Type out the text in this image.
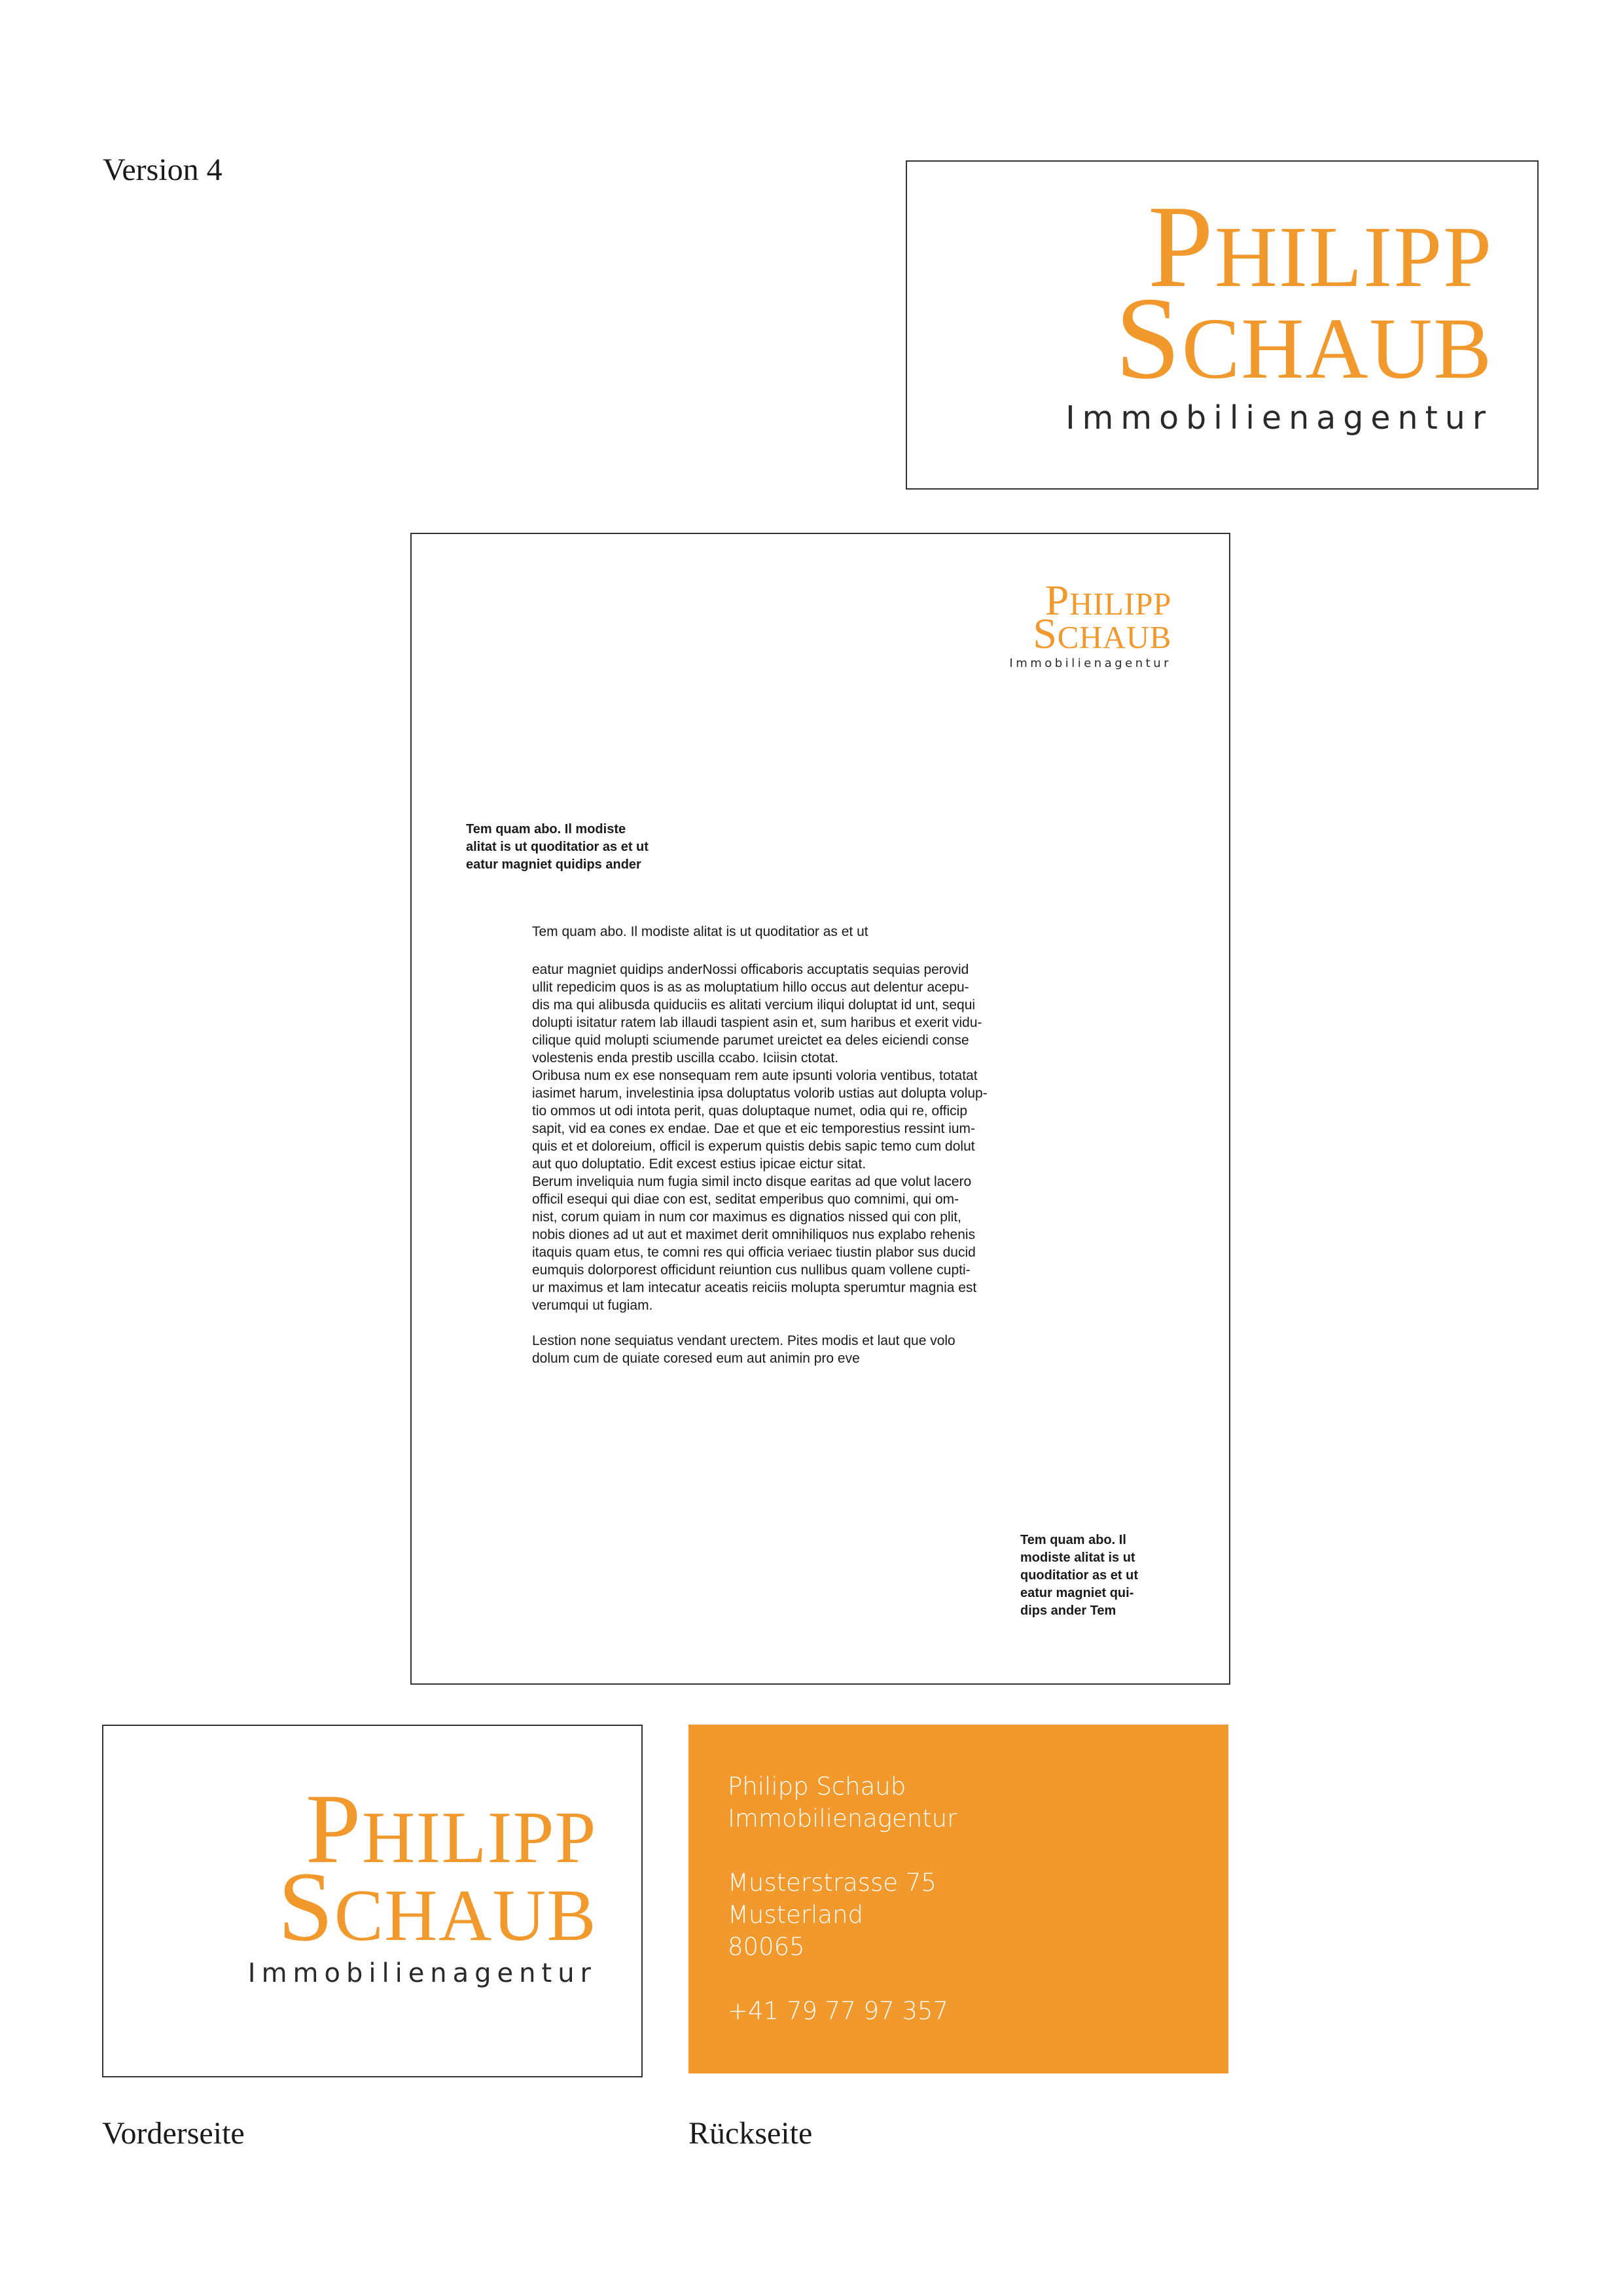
Version 4
PHILIPP
SCHAUB
Immobilienagentur
PHILIPP
SCHAUB
Immobilienagentur
Tem quam abo. Il modiste
alitat is ut quoditatior as et ut
eatur magniet quidips ander
Tem quam abo. Il modiste alitat is ut quoditatior as et ut
eatur magniet quidips anderNossi officaboris accuptatis sequias perovid
ullit repedicim quos is as as moluptatium hillo occus aut delentur acepu-
dis ma qui alibusda quiduciis es alitati vercium iliqui doluptat id unt, sequi
dolupti isitatur ratem lab illaudi taspient asin et, sum haribus et exerit vidu-
cilique quid molupti sciumende parumet ureictet ea deles eiciendi conse
volestenis enda prestib uscilla ccabo. Iciisin ctotat.
Oribusa num ex ese nonsequam rem aute ipsunti voloria ventibus, totatat
iasimet harum, invelestinia ipsa doluptatus volorib ustias aut dolupta volup-
tio ommos ut odi intota perit, quas doluptaque numet, odia qui re, officip
sapit, vid ea cones ex endae. Dae et que et eic temporestius ressint ium-
quis et et doloreium, officil is experum quistis debis sapic temo cum dolut
aut quo doluptatio. Edit excest estius ipicae eictur sitat.
Berum inveliquia num fugia simil incto disque earitas ad que volut lacero
officil esequi qui diae con est, seditat emperibus quo comnimi, qui om-
nist, corum quiam in num cor maximus es dignatios nissed qui con plit,
nobis diones ad ut aut et maximet derit omnihiliquos nus explabo rehenis
itaquis quam etus, te comni res qui officia veriaec tiustin plabor sus ducid
eumquis dolorporest officidunt reiuntion cus nullibus quam vollene cupti-
ur maximus et lam intecatur aceatis reiciis molupta sperumtur magnia est
verumqui ut fugiam.
Lestion none sequiatus vendant urectem. Pites modis et laut que volo
dolum cum de quiate coresed eum aut animin pro eve
Tem quam abo. Il
modiste alitat is ut
quoditatior as et ut
eatur magniet qui-
dips ander Tem
PHILIPP
SCHAUB
Immobilienagentur
Philipp Schaub
Immobilienagentur
Musterstrasse 75
Musterland
80065
+41 79 77 97 357
Vorderseite	Rückseite
